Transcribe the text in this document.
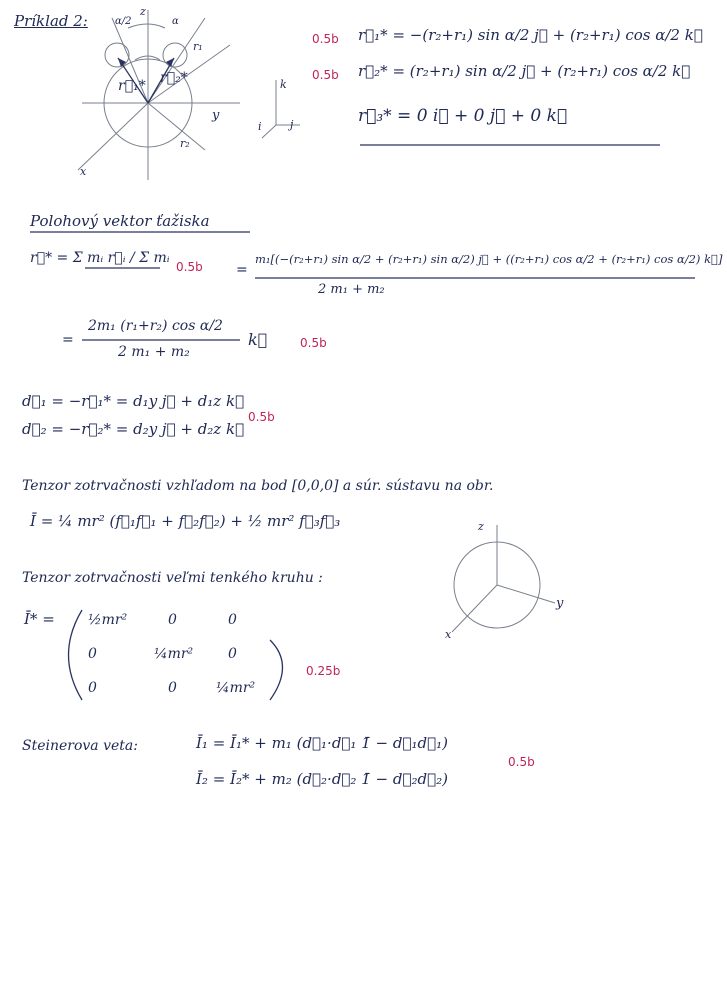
Príklad 2:
r⃗₁* r⃗₂*
r₁
r₂
z
x
y
α/2	α
k
j
i
0.5b r⃗₁* = −(r₂+r₁) sin α/2 j⃗ + (r₂+r₁) cos α/2 k⃗
0.5b r⃗₂* = (r₂+r₁) sin α/2 j⃗ + (r₂+r₁) cos α/2 k⃗
r⃗₃* = 0 i⃗ + 0 j⃗ + 0 k⃗
Polohový vektor ťažiska
r⃗* = Σ mᵢ r⃗ᵢ / Σ mᵢ
0.5b =
m₁[(−(r₂+r₁) sin α/2 + (r₂+r₁) sin α/2) j⃗ + ((r₂+r₁) cos α/2 + (r₂+r₁) cos α/2) k⃗]
2 m₁ + m₂
=
2m₁ (r₁+r₂) cos α/2
2 m₁ + m₂
k⃗	0.5b
d⃗₁ = −r⃗₁* = d₁y j⃗ + d₁z k⃗
d⃗₂ = −r⃗₂* = d₂y j⃗ + d₂z k⃗
0.5b
Tenzor zotrvačnosti vzhľadom na bod [0,0,0] a súr. sústavu na obr.
Ī = ¼ mr² (f⃗₁f⃗₁ + f⃗₂f⃗₂) + ½ mr² f⃗₃f⃗₃
Tenzor zotrvačnosti veľmi tenkého kruhu :
z
y
x
Ī* = ½mr²	0	0
0	¼mr² 0
0	0	¼mr²
0.25b
Steinerova veta:	Ī₁ = Ī₁* + m₁ (d⃗₁·d⃗₁ 1̄ − d⃗₁d⃗₁)
Ī₂ = Ī₂* + m₂ (d⃗₂·d⃗₂ 1̄ − d⃗₂d⃗₂)
0.5b
